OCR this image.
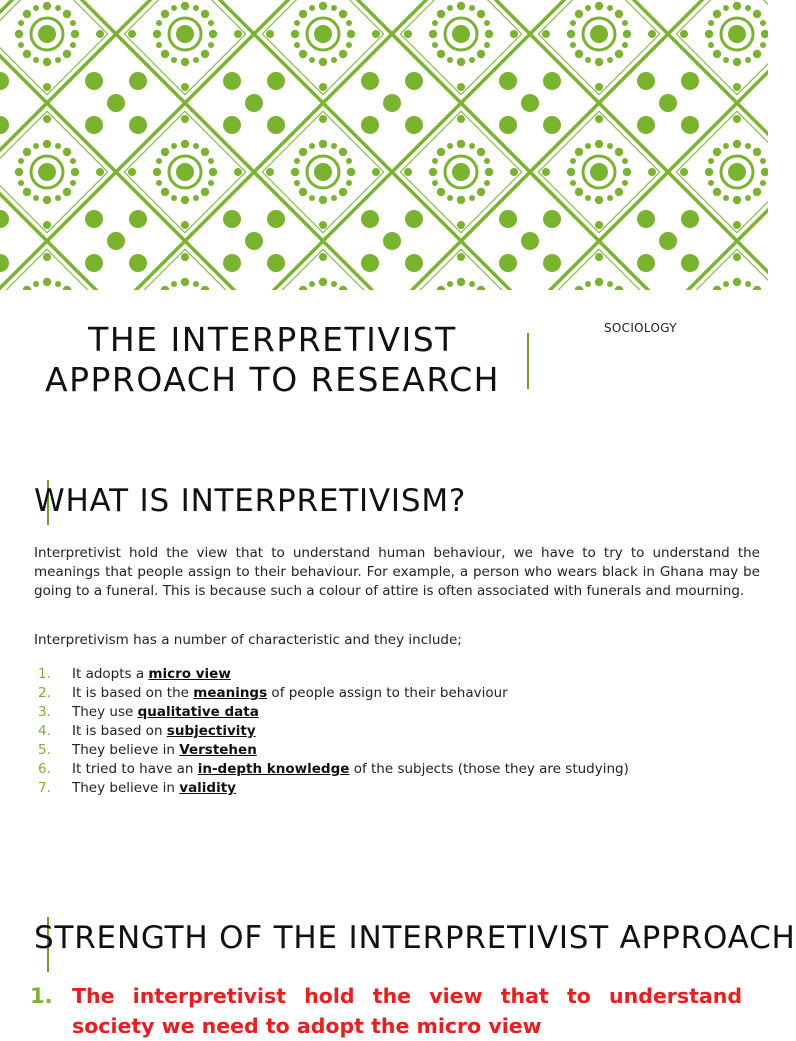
THE INTERPRETIVIST
APPROACH TO RESEARCH
SOCIOLOGY
WHAT IS INTERPRETIVISM?

Interpretivist hold the view that to understand human behaviour, we have to try to understand the meanings that people assign to their behaviour. For example, a person who wears black in Ghana may be going to a funeral. This is because such a colour of attire is often associated with funerals and mourning.

Interpretivism has a number of characteristic and they include;

1.	It adopts a micro view
2.	It is based on the meanings of people assign to their behaviour
3.	They use qualitative data
4.	It is based on subjectivity
5.	They believe in Verstehen
6.	It tried to have an in-depth knowledge of the subjects (those they are studying)
7.	They believe in validity
STRENGTH OF THE INTERPRETIVIST APPROACH
1. The interpretivist hold the view that to understand society we need to adopt the micro view
